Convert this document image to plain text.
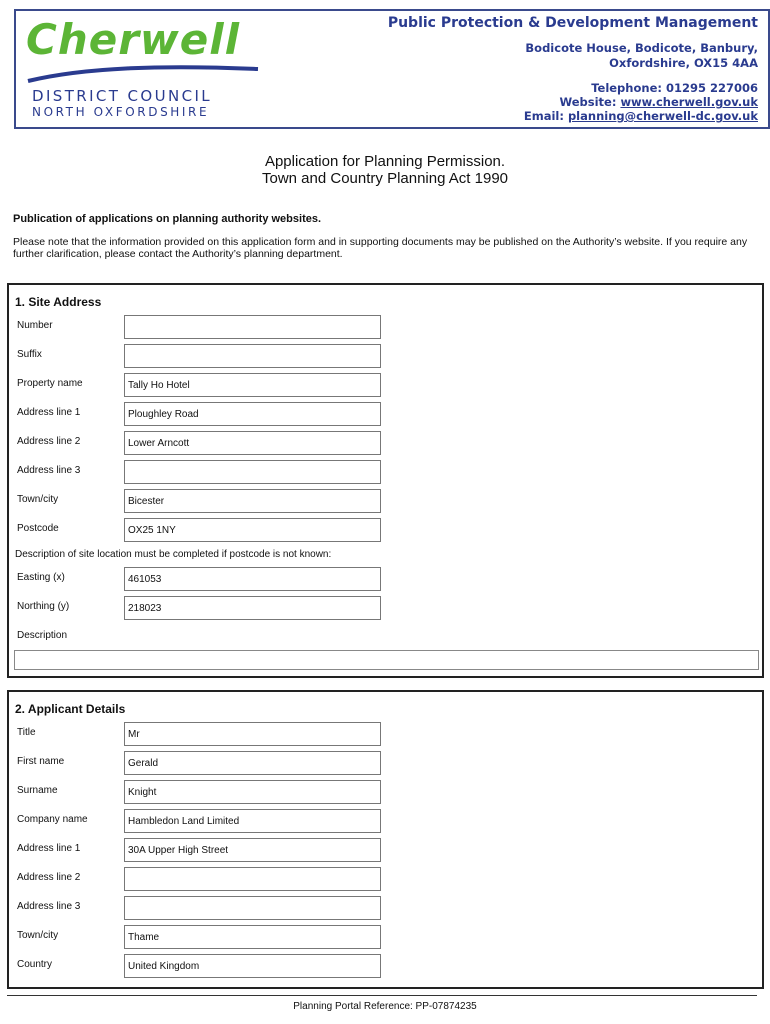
Cherwell
DISTRICT COUNCIL
NORTH OXFORDSHIRE
Public Protection & Development Management
Bodicote House, Bodicote, Banbury,
Oxfordshire, OX15 4AA
Telephone: 01295 227006
Website: www.cherwell.gov.uk
Email: planning@cherwell-dc.gov.uk
Application for Planning Permission.
Town and Country Planning Act 1990
Publication of applications on planning authority websites.
Please note that the information provided on this application form and in supporting documents may be published on the Authority’s website. If you require any further clarification, please contact the Authority’s planning department.
1. Site Address
Number
Suffix
Property name	Tally Ho Hotel
Address line 1	Ploughley Road
Address line 2	Lower Arncott
Address line 3
Town/city	Bicester
Postcode	OX25 1NY
Description of site location must be completed if postcode is not known:
Easting (x)	461053
Northing (y)	218023
Description
2. Applicant Details
Title	Mr
First name	Gerald
Surname	Knight
Company name	Hambledon Land Limited
Address line 1	30A Upper High Street
Address line 2
Address line 3
Town/city	Thame
Country	United Kingdom
Planning Portal Reference: PP-07874235
